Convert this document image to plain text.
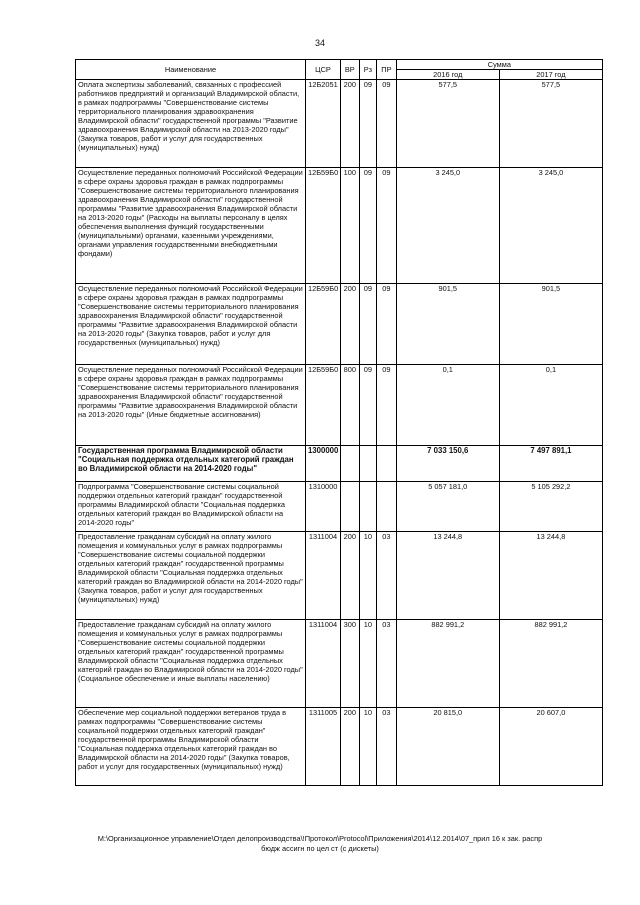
34
Наименование	ЦСР	ВР	Рз	ПР	Сумма	
					2016 год	2017 год
Оплата экспертизы заболеваний, связанных с профессией работников предприятий и организаций Владимирской области, в рамках подпрограммы "Совершенствование системы территориального планирования здравоохранения Владимирской области" государственной программы "Развитие здравоохранения Владимирской области на 2013-2020 годы" (Закупка товаров, работ и услуг для государственных (муниципальных) нужд)	12Б2051	200	09	09	577,5	577,5
Осуществление переданных полномочий Российской Федерации в сфере охраны здоровья граждан в рамках подпрограммы "Совершенствование системы территориального планирования здравоохранения Владимирской области" государственной программы "Развитие здравоохранения Владимирской области на 2013-2020 годы" (Расходы на выплаты персоналу в целях обеспечения выполнения функций государственными (муниципальными) органами, казенными учреждениями, органами управления государственными внебюджетными фондами)	12Б59Б0	100	09	09	3 245,0	3 245,0
Осуществление переданных полномочий Российской Федерации в сфере охраны здоровья граждан в рамках подпрограммы "Совершенствование системы территориального планирования здравоохранения Владимирской области" государственной программы "Развитие здравоохранения Владимирской области на 2013-2020 годы" (Закупка товаров, работ и услуг для государственных (муниципальных) нужд)	12Б59Б0	200	09	09	901,5	901,5
Осуществление переданных полномочий Российской Федерации в сфере охраны здоровья граждан в рамках подпрограммы "Совершенствование системы территориального планирования здравоохранения Владимирской области" государственной программы "Развитие здравоохранения Владимирской области на 2013-2020 годы" (Иные бюджетные ассигнования)	12Б59Б0	800	09	09	0,1	0,1
Государственная программа Владимирской области "Социальная поддержка отдельных категорий граждан во Владимирской области на 2014-2020 годы"	1300000				7 033 150,6	7 497 891,1
Подпрограмма "Совершенствование системы социальной поддержки отдельных категорий граждан" государственной программы Владимирской области "Социальная поддержка отдельных категорий граждан во Владимирской области на 2014-2020 годы"	1310000				5 057 181,0	5 105 292,2
Предоставление гражданам субсидий на оплату жилого помещения и коммунальных услуг в рамках подпрограммы "Совершенствование системы социальной поддержки отдельных категорий граждан" государственной программы Владимирской области "Социальная поддержка отдельных категорий граждан во Владимирской области на 2014-2020 годы" (Закупка товаров, работ и услуг для государственных (муниципальных) нужд)	1311004	200	10	03	13 244,8	13 244,8
Предоставление гражданам субсидий на оплату жилого помещения и коммунальных услуг в рамках подпрограммы "Совершенствование системы социальной поддержки отдельных категорий граждан" государственной программы Владимирской области "Социальная поддержка отдельных категорий граждан во Владимирской области на 2014-2020 годы" (Социальное обеспечение и иные выплаты населению)	1311004	300	10	03	882 991,2	882 991,2
Обеспечение мер социальной поддержки ветеранов труда в рамках подпрограммы "Совершенствование системы социальной поддержки отдельных категорий граждан" государственной программы Владимирской области "Социальная поддержка отдельных категорий граждан во Владимирской области на 2014-2020 годы" (Закупка товаров, работ и услуг для государственных (муниципальных) нужд)	1311005	200	10	03	20 815,0	20 607,0
М:\Организационное управление\Отдел делопроизводства\!Протокол\Protocol\Приложения\2014\12.2014\07_прил 16 к зак. распр
бюдж ассигн по цел ст (с дискеты)
